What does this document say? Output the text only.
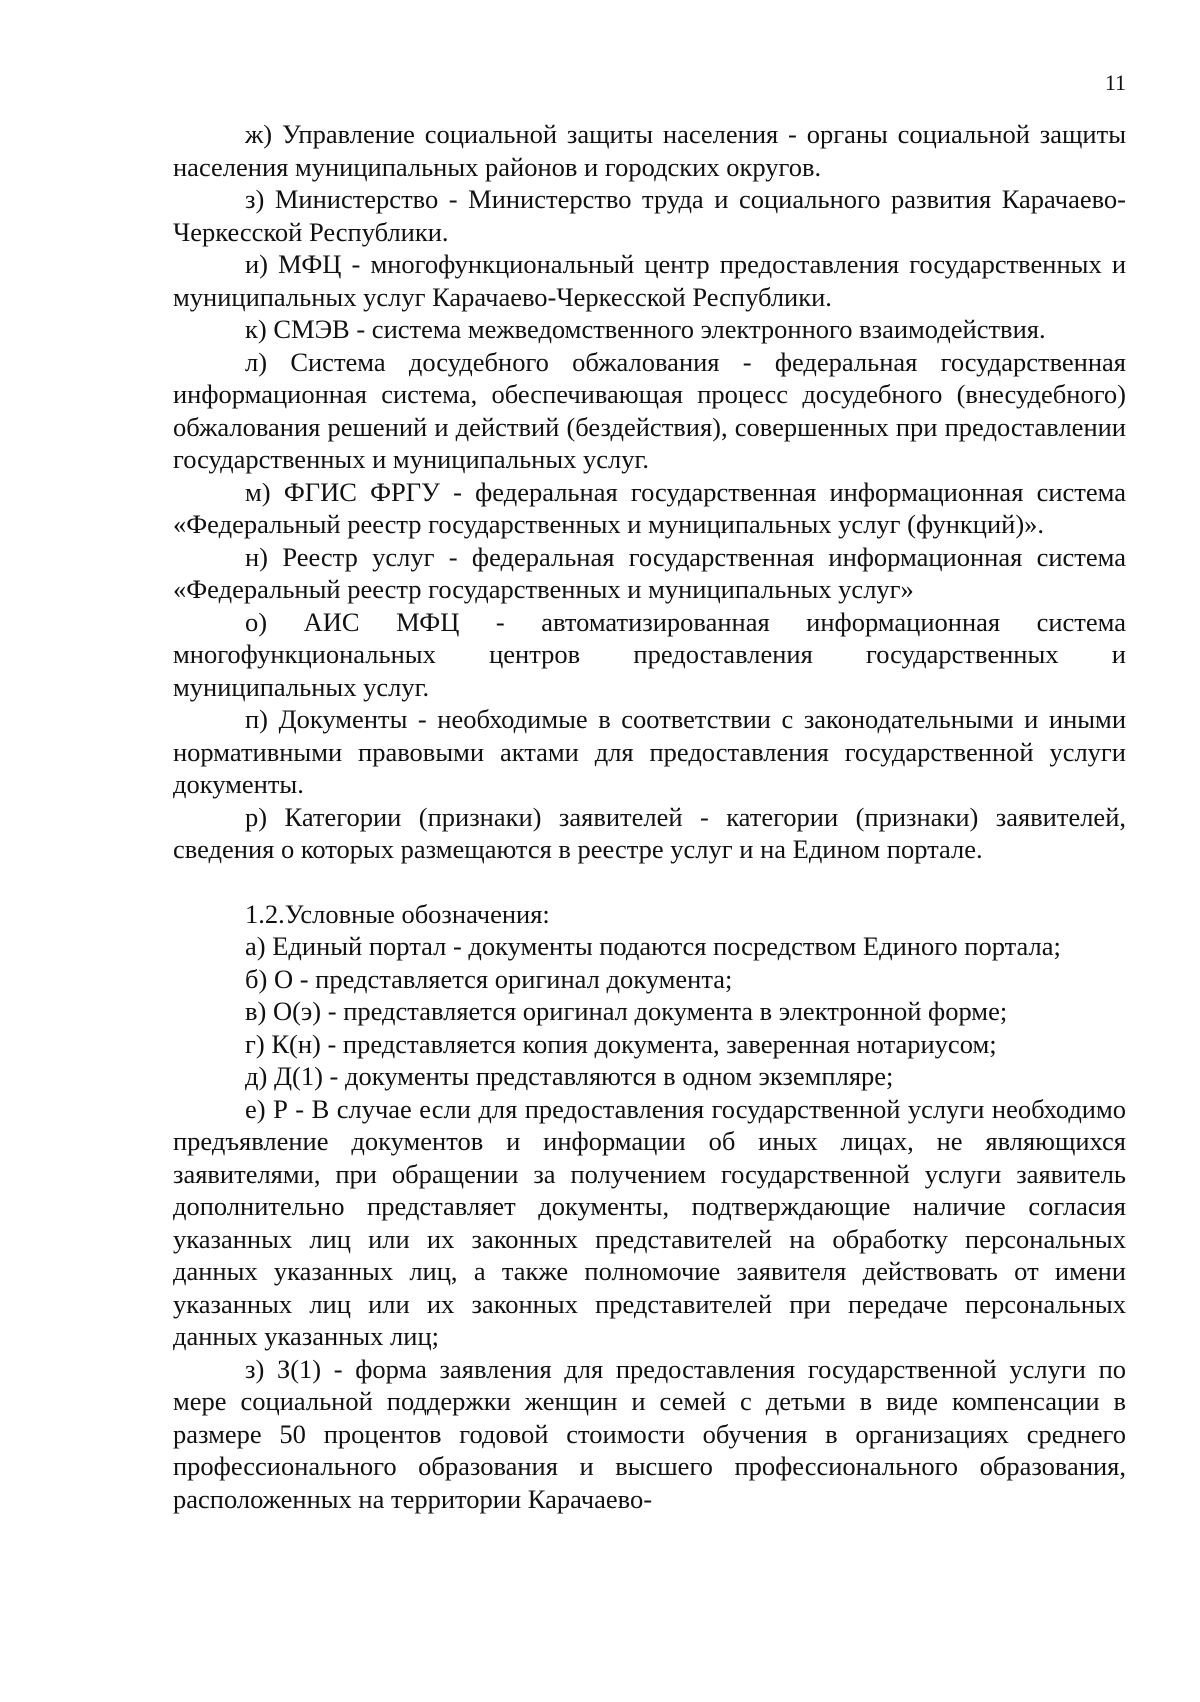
11

ж) Управление социальной защиты населения - органы социальной защиты населения муниципальных районов и городских округов.

з) Министерство - Министерство труда и социального развития Карачаево-Черкесской Республики.

и) МФЦ - многофункциональный центр предоставления государственных и муниципальных услуг Карачаево-Черкесской Республики.

к) СМЭВ - система межведомственного электронного взаимодействия.

л) Система досудебного обжалования - федеральная государственная информационная система, обеспечивающая процесс досудебного (внесудебного) обжалования решений и действий (бездействия), совершенных при предоставлении государственных и муниципальных услуг.

м) ФГИС ФРГУ - федеральная государственная информационная система «Федеральный реестр государственных и муниципальных услуг (функций)».

н) Реестр услуг - федеральная государственная информационная система «Федеральный реестр государственных и муниципальных услуг»

о) АИС МФЦ - автоматизированная информационная система многофункциональных центров предоставления государственных и муниципальных услуг.

п) Документы - необходимые в соответствии с законодательными и иными нормативными правовыми актами для предоставления государственной услуги документы.

р) Категории (признаки) заявителей - категории (признаки) заявителей, сведения о которых размещаются в реестре услуг и на Едином портале.

1.2.Условные обозначения:

а) Единый портал - документы подаются посредством Единого портала;

б) О - представляется оригинал документа;

в) О(э) - представляется оригинал документа в электронной форме;

г) К(н) - представляется копия документа, заверенная нотариусом;

д) Д(1) - документы представляются в одном экземпляре;

е) Р - В случае если для предоставления государственной услуги необходимо предъявление документов и информации об иных лицах, не являющихся заявителями, при обращении за получением государственной услуги заявитель дополнительно представляет документы, подтверждающие наличие согласия указанных лиц или их законных представителей на обработку персональных данных указанных лиц, а также полномочие заявителя действовать от имени указанных лиц или их законных представителей при передаче персональных данных указанных лиц;

з) З(1) - форма заявления для предоставления государственной услуги по мере социальной поддержки женщин и семей с детьми в виде компенсации в размере 50 процентов годовой стоимости обучения в организациях среднего профессионального образования и высшего профессионального образования, расположенных на территории Карачаево-
